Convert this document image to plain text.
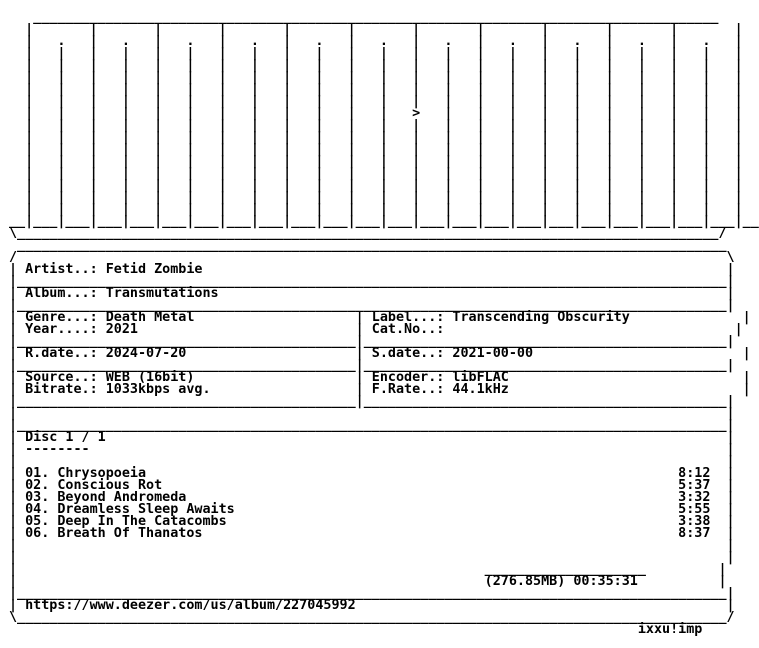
_____________________________________________________________________________________
|       |       |       |       |       |       |       |       |       |       |       |
|   .   |   .   |   .   |   .   |   .   |   .   |   .   |   .   |   .   |   .   |   .   |
|   |   |   |   |   |   |   |   |   |   |   |   |   |   |   |   |   |   |   |   |   |   |
|   |   |   |   |   |   |   |   |   |   |   |   |   |   |   |   |   |   |   |   |   |   |
|   |   |   |   |   |   |   |   |   |   |   |   |   |   |   |   |   |   |   |   |   |   |
|   |   |   |   |   |   |   |   |   |   |   |   |   |   |   |   |   |   |   |   |   |   |
|   |   |   |   |   |   |   |   |   |   |   |   |   |   |   |   |   |   |   |   |   |   |
|   |   |   |   |   |   |   |   |   |   |   |   >   |   |   |   |   |   |   |   |   |   |
|   |   |   |   |   |   |   |   |   |   |   |   |   |   |   |   |   |   |   |   |   |   |
|   |   |   |   |   |   |   |   |   |   |   |   |   |   |   |   |   |   |   |   |   |   |
|   |   |   |   |   |   |   |   |   |   |   |   |   |   |   |   |   |   |   |   |   |   |
|   |   |   |   |   |   |   |   |   |   |   |   |   |   |   |   |   |   |   |   |   |   |
|   |   |   |   |   |   |   |   |   |   |   |   |   |   |   |   |   |   |   |   |   |   |
|   |   |   |   |   |   |   |   |   |   |   |   |   |   |   |   |   |   |   |   |   |   |
|   |   |   |   |   |   |   |   |   |   |   |   |   |   |   |   |   |   |   |   |   |   |
|   |   |   |   |   |   |   |   |   |   |   |   |   |   |   |   |   |   |   |   |   |   |
__|___|___|___|___|___|___|___|___|___|___|___|___|___|___|___|___|___|___|___|___|___|___|__
\_______________________________________________________________________________________/
________________________________________________________________________________________
/                                                                                        \
| Artist..: Fetid Zombie                                                                 |
|________________________________________________________________________________________|
| Album...: Transmutations                                                               |
|________________________________________________________________________________________|
| Genre...: Death Metal                    | Label...: Transcending Obscurity              |
| Year....: 2021                           | Cat.No..:                                    |
|__________________________________________|_____________________________________________|
| R.date..: 2024-07-20                     | S.date..: 2021-00-00                          |
|__________________________________________|_____________________________________________|
| Source..: WEB (16bit)                    | Encoder.: libFLAC                             |
| Bitrate.: 1033kbps avg.                  | F.Rate..: 44.1kHz                             |
|__________________________________________|_____________________________________________|
|                                                                                        |
|________________________________________________________________________________________|
| Disc 1 / 1                                                                             |
| --------                                                                               |
|                                                                                        |
| 01. Chrysopoeia                                                                  8:12  |
| 02. Conscious Rot                                                                5:37  |
| 03. Beyond Andromeda                                                             3:32  |
| 04. Dreamless Sleep Awaits                                                       5:55  |
| 05. Deep In The Catacombs                                                        3:38  |
| 06. Breath Of Thanatos                                                           8:37  |
|                                                                                        |
|                                                                                        |
|                                                          ____________________         |
|                                                          (276.85MB) 00:35:31          |
|________________________________________________________________________________________|
| https://www.deezer.com/us/album/227045992                                              |
\________________________________________________________________________________________/
ixxu!imp
